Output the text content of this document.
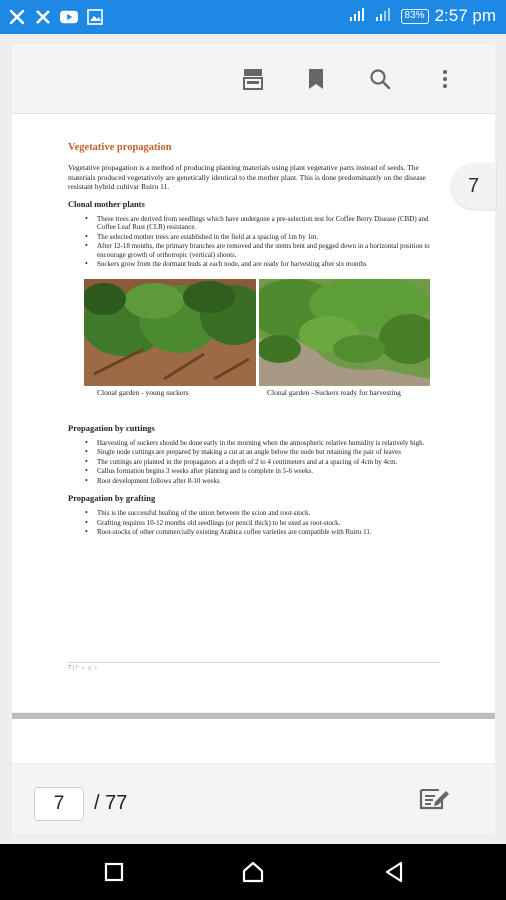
83% 2:57 pm
Vegetative propagation
Vegetative propagation is a method of producing planting materials using plant vegetative parts instead of seeds. The materials produced vegetatively are genetically identical to the mother plant. This is done predominantly on the disease resistant hybrid cultivar Ruiru 11.
Clonal mother plants
• These trees are derived from seedlings which have undergone a pre-selection test for Coffee Berry Disease (CBD) and Coffee Leaf Rust (CLR) resistance.
• The selected mother trees are established in the field at a spacing of 1m by 1m.
• After 12-18 months, the primary branches are removed and the stems bent and pegged down in a horizontal position to encourage growth of orthotropic (vertical) shoots.
• Suckers grow from the dormant buds at each node, and are ready for harvesting after six months
Clonal garden - young suckers	Clonal garden –Suckers ready for harvesting
Propagation by cuttings
• Harvesting of suckers should be done early in the morning when the atmospheric relative humidity is relatively high.
• Single node cuttings are prepared by making a cut at an angle below the node but retaining the pair of leaves
• The cuttings are planted in the propagators at a depth of 2 to 4 centimeters and at a spacing of 4cm by 4cm.
• Callus formation begins 3 weeks after planting and is complete in 5-6 weeks.
• Root development follows after 8-10 weeks
Propagation by grafting
• This is the successful healing of the union between the scion and root-stock.
• Grafting requires 10-12 months old seedlings (or pencil thick) to be used as root-stock.
• Root-stocks of other commercially existing Arabica coffee varieties are compatible with Ruiru 11.
7 | P a g e
7
7	/ 77
